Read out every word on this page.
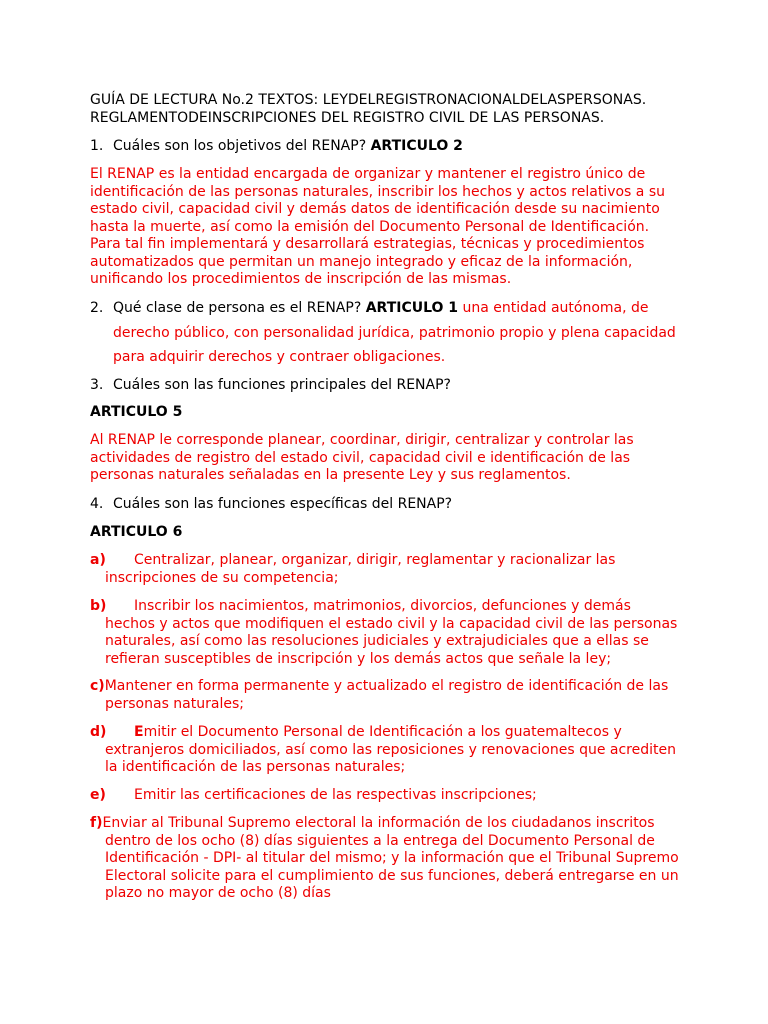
GUÍA DE LECTURA No.2 TEXTOS: LEYDELREGISTRONACIONALDELASPERSONAS.
REGLAMENTODEINSCRIPCIONES DEL REGISTRO CIVIL DE LAS PERSONAS.
1. Cuáles son los objetivos del RENAP? ARTICULO 2
El RENAP es la entidad encargada de organizar y mantener el registro único de
identificación de las personas naturales, inscribir los hechos y actos relativos a su
estado civil, capacidad civil y demás datos de identificación desde su nacimiento
hasta la muerte, así como la emisión del Documento Personal de Identificación.
Para tal fin implementará y desarrollará estrategias, técnicas y procedimientos
automatizados que permitan un manejo integrado y eficaz de la información,
unificando los procedimientos de inscripción de las mismas.
2. Qué clase de persona es el RENAP? ARTICULO 1 una entidad autónoma, de
derecho público, con personalidad jurídica, patrimonio propio y plena capacidad
para adquirir derechos y contraer obligaciones.
3. Cuáles son las funciones principales del RENAP?
ARTICULO 5
Al RENAP le corresponde planear, coordinar, dirigir, centralizar y controlar las
actividades de registro del estado civil, capacidad civil e identificación de las
personas naturales señaladas en la presente Ley y sus reglamentos.
4. Cuáles son las funciones específicas del RENAP?
ARTICULO 6
a) Centralizar, planear, organizar, dirigir, reglamentar y racionalizar las
inscripciones de su competencia;
b) Inscribir los nacimientos, matrimonios, divorcios, defunciones y demás
hechos y actos que modifiquen el estado civil y la capacidad civil de las personas
naturales, así como las resoluciones judiciales y extrajudiciales que a ellas se
refieran susceptibles de inscripción y los demás actos que señale la ley;
c)Mantener en forma permanente y actualizado el registro de identificación de las
personas naturales;
d) Emitir el Documento Personal de Identificación a los guatemaltecos y
extranjeros domiciliados, así como las reposiciones y renovaciones que acrediten
la identificación de las personas naturales;
e) Emitir las certificaciones de las respectivas inscripciones;
f)Enviar al Tribunal Supremo electoral la información de los ciudadanos inscritos
dentro de los ocho (8) días siguientes a la entrega del Documento Personal de
Identificación - DPI- al titular del mismo; y la información que el Tribunal Supremo
Electoral solicite para el cumplimiento de sus funciones, deberá entregarse en un
plazo no mayor de ocho (8) días
